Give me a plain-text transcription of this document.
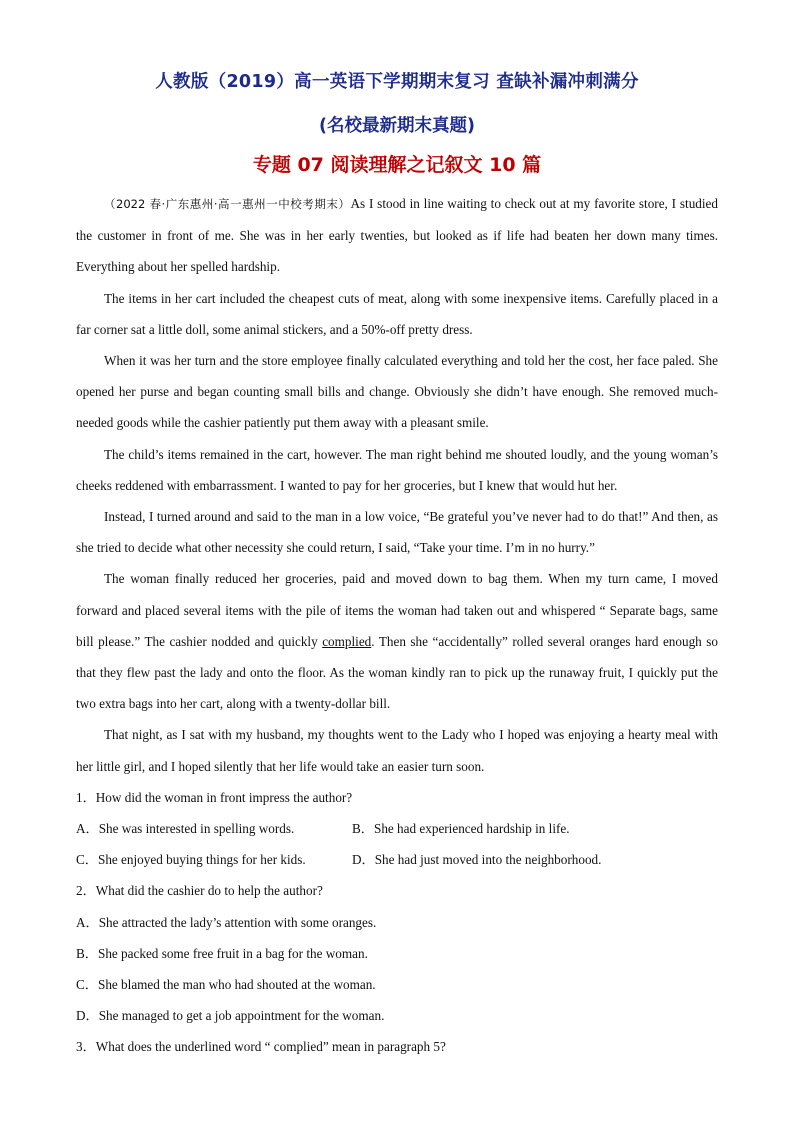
人教版（2019）高一英语下学期期末复习 查缺补漏冲刺满分
(名校最新期末真题)
专题 07 阅读理解之记叙文 10 篇

（2022 春·广东惠州·高一惠州一中校考期末）As I stood in line waiting to check out at my favorite store, I studied the customer in front of me. She was in her early twenties, but looked as if life had beaten her down many times. Everything about her spelled hardship.

The items in her cart included the cheapest cuts of meat, along with some inexpensive items. Carefully placed in a far corner sat a little doll, some animal stickers, and a 50%-off pretty dress.

When it was her turn and the store employee finally calculated everything and told her the cost, her face paled. She opened her purse and began counting small bills and change. Obviously she didn’t have enough. She removed much-needed goods while the cashier patiently put them away with a pleasant smile.

The child’s items remained in the cart, however. The man right behind me shouted loudly, and the young woman’s cheeks reddened with embarrassment. I wanted to pay for her groceries, but I knew that would hut her.

Instead, I turned around and said to the man in a low voice, “Be grateful you’ve never had to do that!” And then, as she tried to decide what other necessity she could return, I said, “Take your time. I’m in no hurry.”

The woman finally reduced her groceries, paid and moved down to bag them. When my turn came, I moved forward and placed several items with the pile of items the woman had taken out and whispered “ Separate bags, same bill please.” The cashier nodded and quickly complied. Then she “accidentally” rolled several oranges hard enough so that they flew past the lady and onto the floor. As the woman kindly ran to pick up the runaway fruit, I quickly put the two extra bags into her cart, along with a twenty-dollar bill.

That night, as I sat with my husband, my thoughts went to the Lady who I hoped was enjoying a hearty meal with her little girl, and I hoped silently that her life would take an easier turn soon.

1．How did the woman in front impress the author?

A．She was interested in spelling words.	B．She had experienced hardship in life.
C．She enjoyed buying things for her kids.	D．She had just moved into the neighborhood.

2．What did the cashier do to help the author?

A．She attracted the lady’s attention with some oranges.

B．She packed some free fruit in a bag for the woman.

C．She blamed the man who had shouted at the woman.

D．She managed to get a job appointment for the woman.

3．What does the underlined word “ complied” mean in paragraph 5?
